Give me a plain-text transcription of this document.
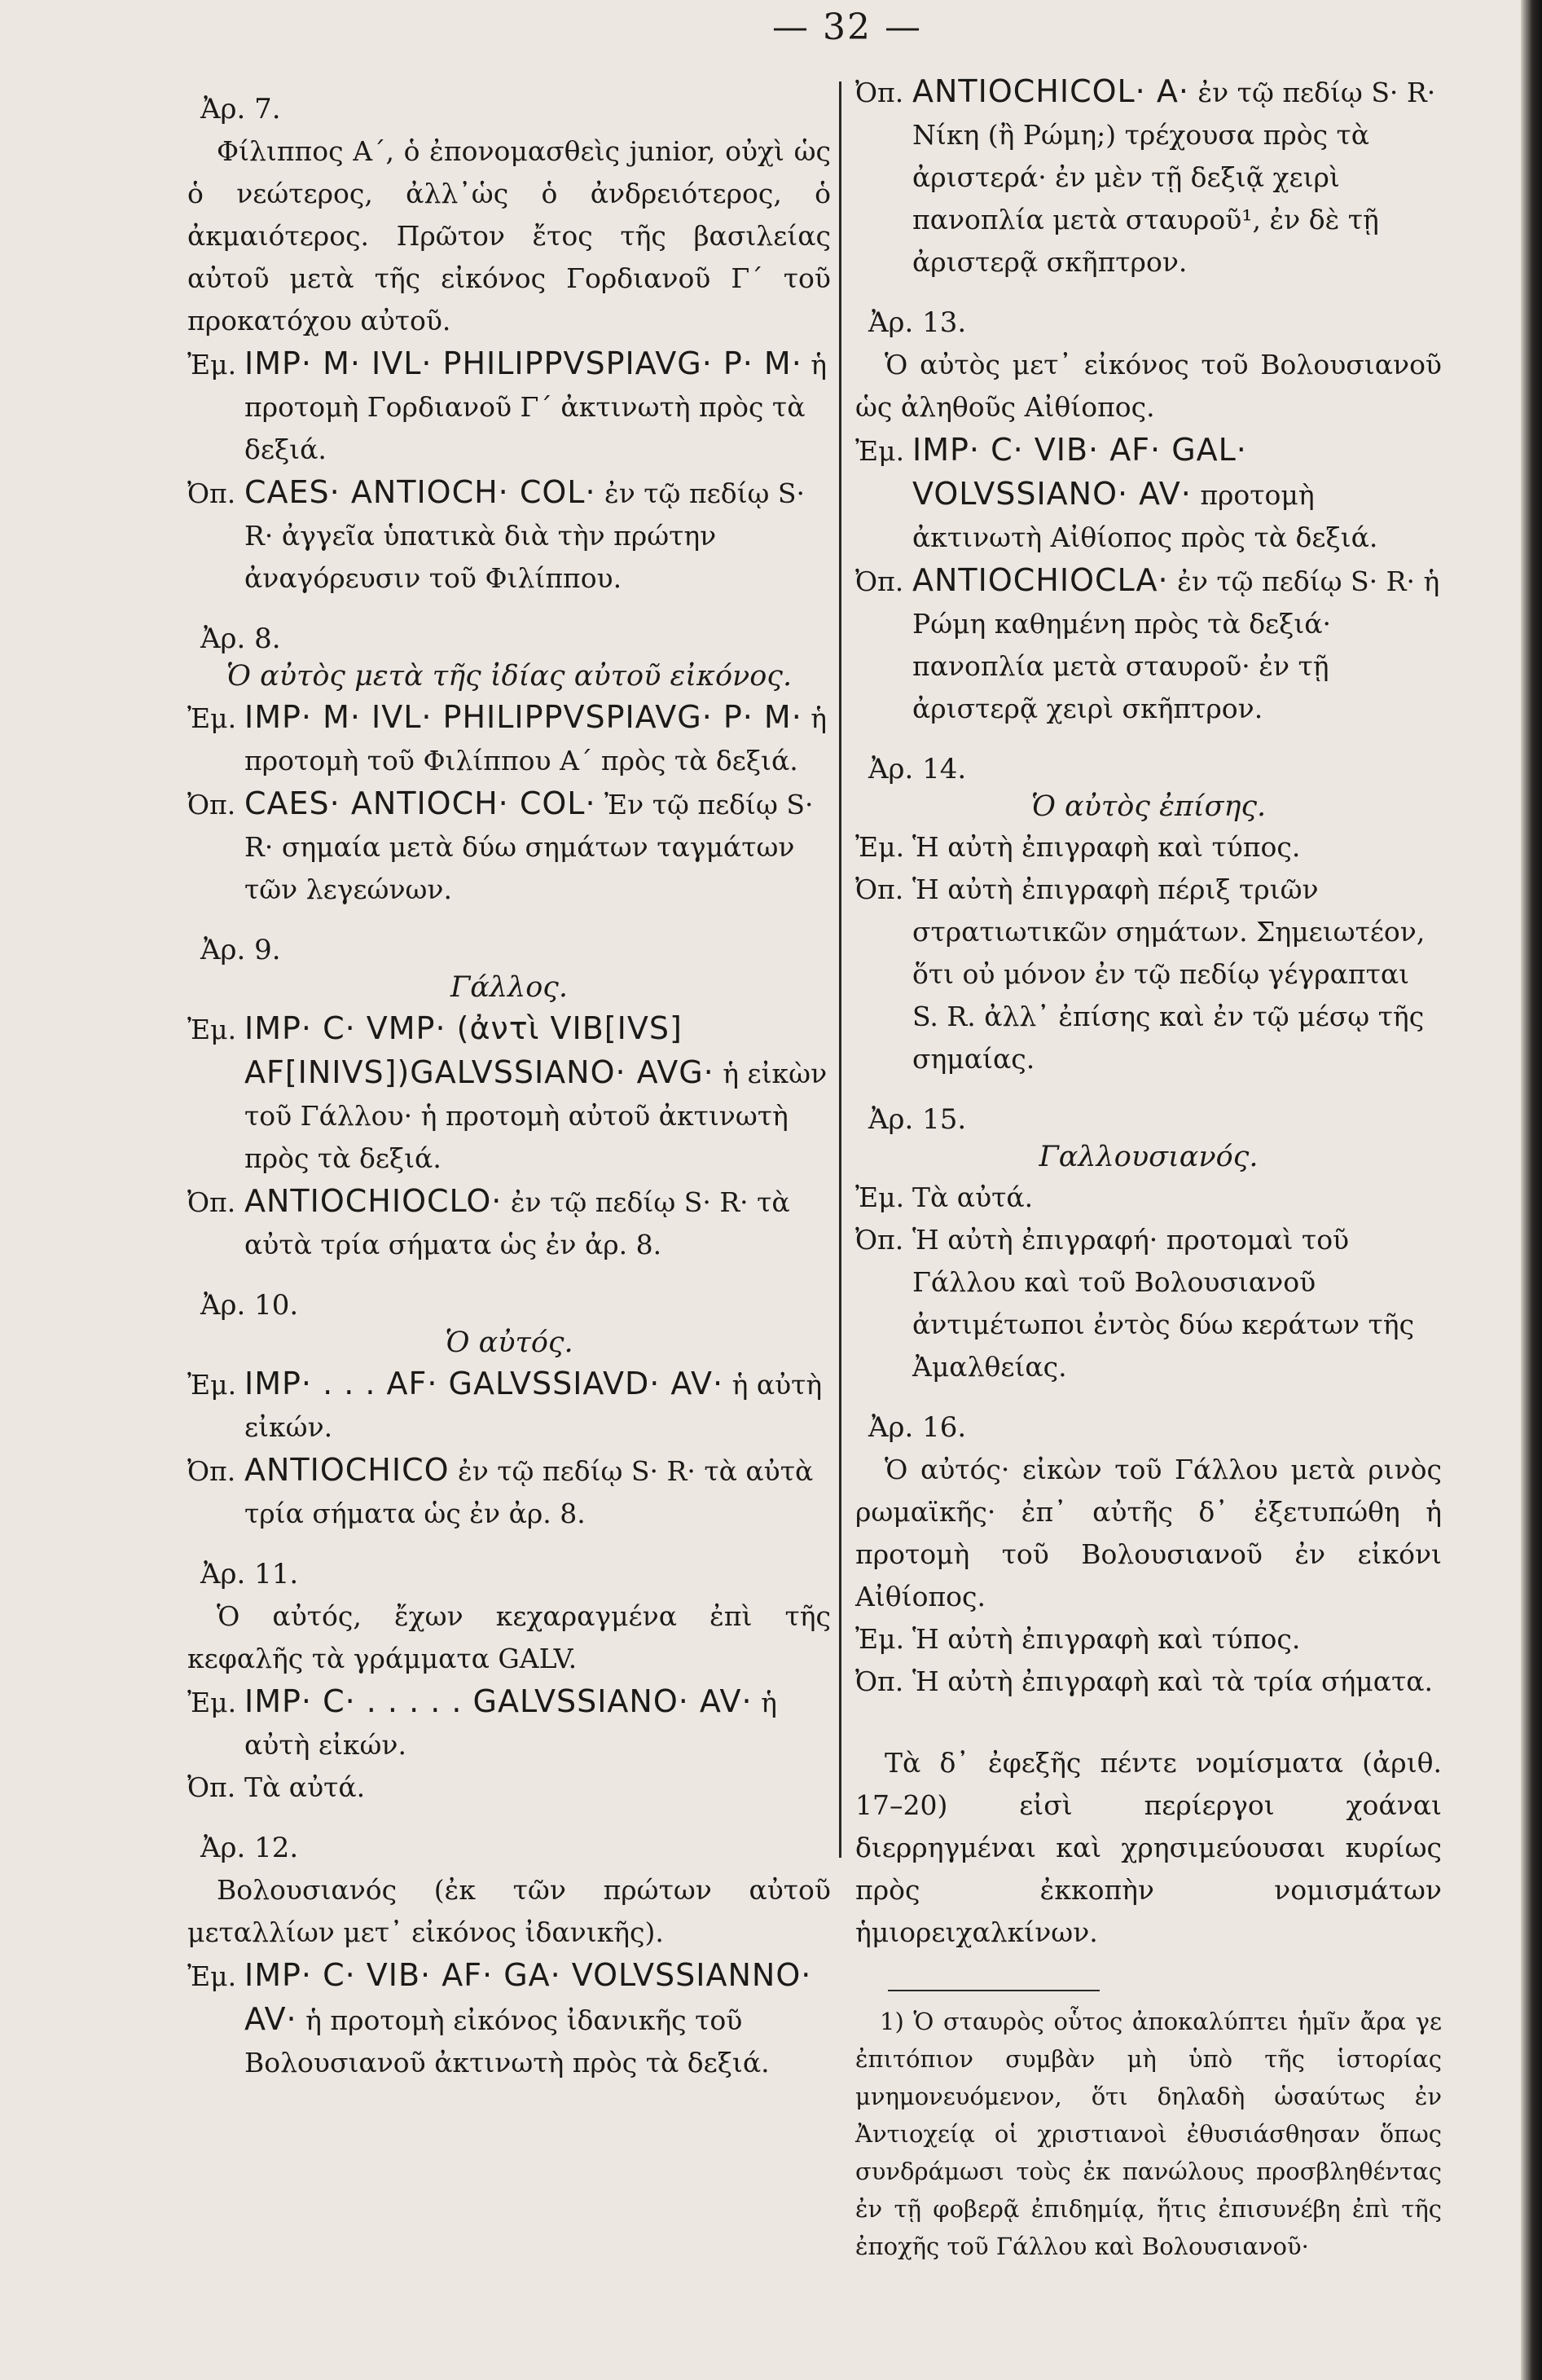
— 32 —
Ἀρ. 7.
Φίλιππος Α΄, ὁ ἐπονομασθεὶς junior, οὐχὶ ὡς ὁ νεώτερος, ἀλλ᾽ὡς ὁ ἀνδρειότερος, ὁ ἀκμαιότερος. Πρῶτον ἔτος τῆς βασιλείας αὐτοῦ μετὰ τῆς εἰκόνος Γορδιανοῦ Γ΄ τοῦ προκατόχου αὐτοῦ.
Ἐμ. IMP· M· IVL· PHILIPPVSPIAVG· P· M· ἡ προτομὴ Γορδιανοῦ Γ΄ ἀκτινωτὴ πρὸς τὰ δεξιά.
Ὀπ. CAES· ANTIOCH· COL· ἐν τῷ πεδίῳ S· R· ἀγγεῖα ὑπατικὰ διὰ τὴν πρώτην ἀναγόρευσιν τοῦ Φιλίππου.
Ἀρ. 8.
Ὁ αὐτὸς μετὰ τῆς ἰδίας αὐτοῦ εἰκόνος.
Ἐμ. IMP· M· IVL· PHILIPPVSPIAVG· P· M· ἡ προτομὴ τοῦ Φιλίππου Α΄ πρὸς τὰ δεξιά.
Ὀπ. CAES· ANTIOCH· COL· Ἐν τῷ πεδίῳ S· R· σημαία μετὰ δύω σημάτων ταγμάτων τῶν λεγεώνων.
Ἀρ. 9.
Γάλλος.
Ἐμ. IMP· C· VMP· (ἀντὶ VIB[IVS] AF[INIVS])GALVSSIANO· AVG· ἡ εἰκὼν τοῦ Γάλλου· ἡ προτομὴ αὐτοῦ ἀκτινωτὴ πρὸς τὰ δεξιά.
Ὀπ. ANTIOCHIOCLO· ἐν τῷ πεδίῳ S· R· τὰ αὐτὰ τρία σήματα ὡς ἐν ἀρ. 8.
Ἀρ. 10.
Ὁ αὐτός.
Ἐμ. IMP· . . . AF· GALVSSIAVD· AV· ἡ αὐτὴ εἰκών.
Ὀπ. ANTIOCHICO ἐν τῷ πεδίῳ S· R· τὰ αὐτὰ τρία σήματα ὡς ἐν ἀρ. 8.
Ἀρ. 11.
Ὁ αὐτός, ἔχων κεχαραγμένα ἐπὶ τῆς κεφαλῆς τὰ γράμματα GALV.
Ἐμ. IMP· C· . . . . . GALVSSIANO· AV· ἡ αὐτὴ εἰκών.
Ὀπ. Τὰ αὐτά.
Ἀρ. 12.
Βολουσιανός (ἐκ τῶν πρώτων αὐτοῦ μεταλλίων μετ᾽ εἰκόνος ἰδανικῆς).
Ἐμ. IMP· C· VIB· AF· GA· VOLVSSIANNO· AV· ἡ προτομὴ εἰκόνος ἰδανικῆς τοῦ Βολουσιανοῦ ἀκτινωτὴ πρὸς τὰ δεξιά.
Ὀπ. ANTIOCHICOL· A· ἐν τῷ πεδίῳ S· R· Νίκη (ἢ Ρώμη;) τρέχουσα πρὸς τὰ ἀριστερά· ἐν μὲν τῇ δεξιᾷ χειρὶ πανοπλία μετὰ σταυροῦ¹, ἐν δὲ τῇ ἀριστερᾷ σκῆπτρον.
Ἀρ. 13.
Ὁ αὐτὸς μετ᾽ εἰκόνος τοῦ Βολουσιανοῦ ὡς ἀληθοῦς Αἰθίοπος.
Ἐμ. IMP· C· VIB· AF· GAL· VOLVSSIANO· AV· προτομὴ ἀκτινωτὴ Αἰθίοπος πρὸς τὰ δεξιά.
Ὀπ. ANTIOCHIOCLA· ἐν τῷ πεδίῳ S· R· ἡ Ρώμη καθημένη πρὸς τὰ δεξιά· πανοπλία μετὰ σταυροῦ· ἐν τῇ ἀριστερᾷ χειρὶ σκῆπτρον.
Ἀρ. 14.
Ὁ αὐτὸς ἐπίσης.
Ἐμ. Ἡ αὐτὴ ἐπιγραφὴ καὶ τύπος.
Ὀπ. Ἡ αὐτὴ ἐπιγραφὴ πέριξ τριῶν στρατιωτικῶν σημάτων. Σημειωτέον, ὅτι οὐ μόνον ἐν τῷ πεδίῳ γέγραπται S. R. ἀλλ᾽ ἐπίσης καὶ ἐν τῷ μέσῳ τῆς σημαίας.
Ἀρ. 15.
Γαλλουσιανός.
Ἐμ. Τὰ αὐτά.
Ὀπ. Ἡ αὐτὴ ἐπιγραφή· προτομαὶ τοῦ Γάλλου καὶ τοῦ Βολουσιανοῦ ἀντιμέτωποι ἐντὸς δύω κεράτων τῆς Ἀμαλθείας.
Ἀρ. 16.
Ὁ αὐτός· εἰκὼν τοῦ Γάλλου μετὰ ρινὸς ρωμαϊκῆς· ἐπ᾽ αὐτῆς δ᾽ ἐξετυπώθη ἡ προτομὴ τοῦ Βολουσιανοῦ ἐν εἰκόνι Αἰθίοπος.
Ἐμ. Ἡ αὐτὴ ἐπιγραφὴ καὶ τύπος.
Ὀπ. Ἡ αὐτὴ ἐπιγραφὴ καὶ τὰ τρία σήματα.
Τὰ δ᾽ ἐφεξῆς πέντε νομίσματα (ἀριθ. 17–20) εἰσὶ περίεργοι χοάναι διερρηγμέναι καὶ χρησιμεύουσαι κυρίως πρὸς ἐκκοπὴν νομισμάτων ἡμιορειχαλκίνων.
1) Ὁ σταυρὸς οὗτος ἀποκαλύπτει ἡμῖν ἄρα γε ἐπιτόπιον συμβὰν μὴ ὑπὸ τῆς ἱστορίας μνημονευόμενον, ὅτι δηλαδὴ ὡσαύτως ἐν Ἀντιοχείᾳ οἱ χριστιανοὶ ἐθυσιάσθησαν ὅπως συνδράμωσι τοὺς ἐκ πανώλους προσβληθέντας ἐν τῇ φοβερᾷ ἐπιδημίᾳ, ἥτις ἐπισυνέβη ἐπὶ τῆς ἐποχῆς τοῦ Γάλλου καὶ Βολουσιανοῦ·
